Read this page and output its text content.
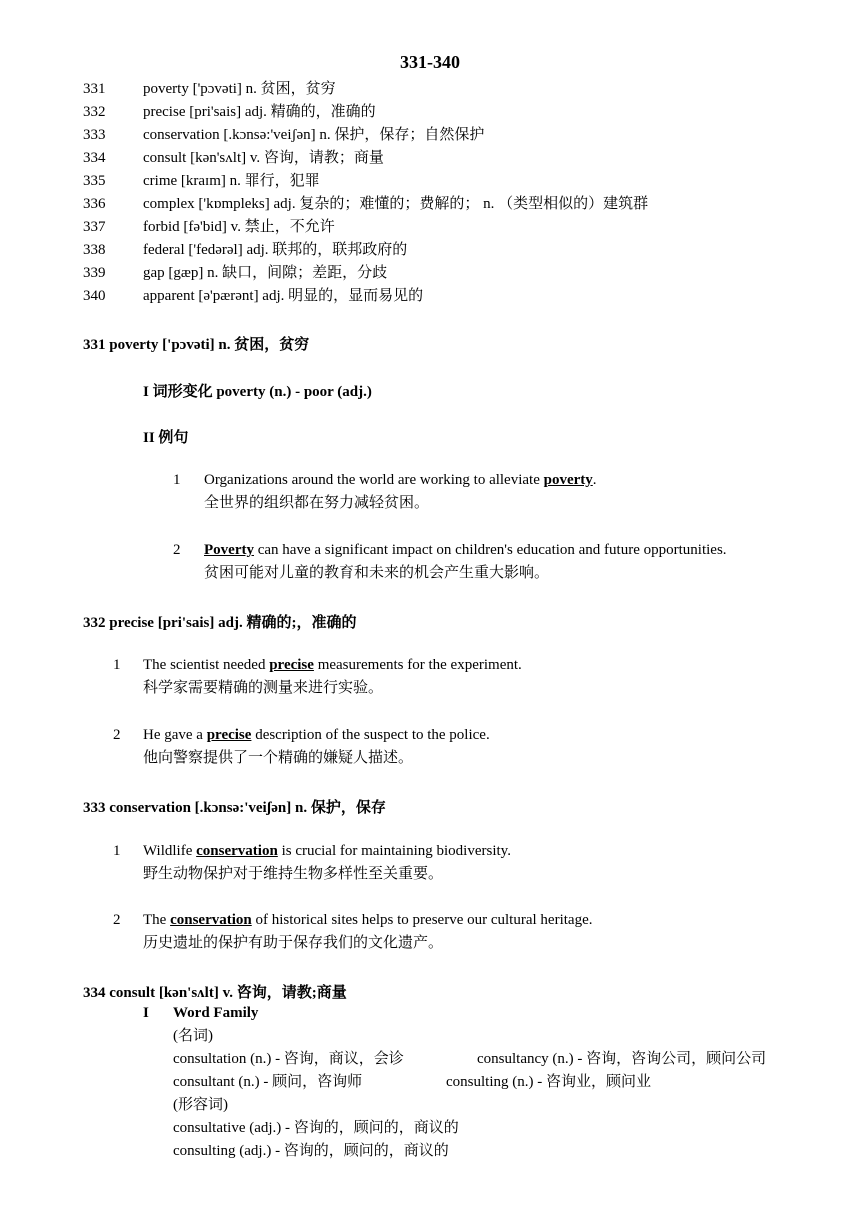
331-340
331	poverty ['pɔvəti] n. 贫困，贫穷
332	precise [pri'sais] adj. 精确的，准确的
333	conservation [.kɔnsə:'veiʃən] n. 保护，保存；自然保护
334	consult [kən'sʌlt] v. 咨询，请教；商量
335	crime [kraɪm] n. 罪行，犯罪
336	complex ['kɒmpleks] adj. 复杂的；难懂的；费解的； n. （类型相似的）建筑群
337	forbid [fə'bid] v. 禁止，不允许
338	federal ['fedərəl] adj. 联邦的，联邦政府的
339	gap [gæp] n. 缺口，间隙；差距，分歧
340	apparent [ə'pærənt] adj. 明显的，显而易见的
331 poverty ['pɔvəti] n. 贫困，贫穷
I 词形变化 poverty (n.) - poor (adj.)
II 例句
1 Organizations around the world are working to alleviate poverty.
全世界的组织都在努力减轻贫困。
2 Poverty can have a significant impact on children's education and future opportunities.
贫困可能对儿童的教育和未来的机会产生重大影响。
332 precise [pri'sais] adj. 精确的;，准确的
1 The scientist needed precise measurements for the experiment.
科学家需要精确的测量来进行实验。
2 He gave a precise description of the suspect to the police.
他向警察提供了一个精确的嫌疑人描述。
333 conservation [.kɔnsə:'veiʃən] n. 保护，保存
1 Wildlife conservation is crucial for maintaining biodiversity.
野生动物保护对于维持生物多样性至关重要。
2 The conservation of historical sites helps to preserve our cultural heritage.
历史遗址的保护有助于保存我们的文化遗产。
334 consult [kən'sʌlt] v. 咨询，请教;商量
I Word Family
(名词)
consultation (n.) - 咨询，商议，会诊	consultancy (n.) - 咨询，咨询公司，顾问公司
consultant (n.) - 顾问，咨询师	consulting (n.) - 咨询业，顾问业
(形容词)
consultative (adj.) - 咨询的，顾问的，商议的
consulting (adj.) - 咨询的，顾问的，商议的
